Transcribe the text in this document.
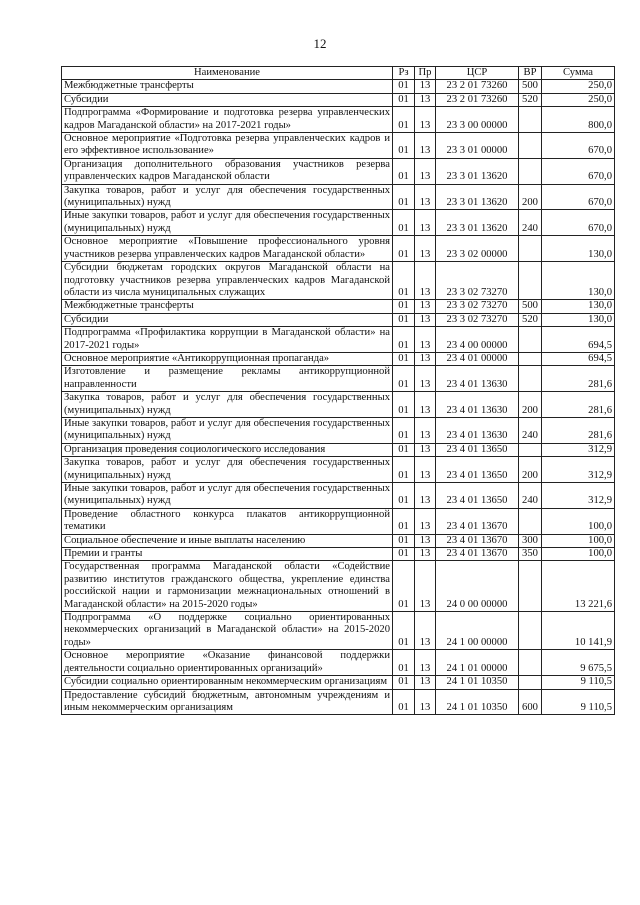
12
Наименование	Рз	Пр	ЦСР	ВР	Сумма
Межбюджетные трансферты	01	13	23 2 01 73260	500	250,0
Субсидии	01	13	23 2 01 73260	520	250,0
Подпрограмма «Формирование и подготовка резерва управленческих кадров Магаданской области» на 2017-2021 годы»	01	13	23 3 00 00000		800,0
Основное мероприятие «Подготовка резерва управленческих кадров и его эффективное использование»	01	13	23 3 01 00000		670,0
Организация дополнительного образования участников резерва управленческих кадров Магаданской области	01	13	23 3 01 13620		670,0
Закупка товаров, работ и услуг для обеспечения государственных (муниципальных) нужд	01	13	23 3 01 13620	200	670,0
Иные закупки товаров, работ и услуг для обеспечения государственных (муниципальных) нужд	01	13	23 3 01 13620	240	670,0
Основное мероприятие «Повышение профессионального уровня участников резерва управленческих кадров Магаданской области»	01	13	23 3 02 00000		130,0
Субсидии бюджетам городских округов Магаданской области на подготовку участников резерва управленческих кадров Магаданской области из числа муниципальных служащих	01	13	23 3 02 73270		130,0
Межбюджетные трансферты	01	13	23 3 02 73270	500	130,0
Субсидии	01	13	23 3 02 73270	520	130,0
Подпрограмма «Профилактика коррупции в Магаданской области» на 2017-2021 годы»	01	13	23 4 00 00000		694,5
Основное мероприятие «Антикоррупционная пропаганда»	01	13	23 4 01 00000		694,5
Изготовление и размещение рекламы антикоррупционной направленности	01	13	23 4 01 13630		281,6
Закупка товаров, работ и услуг для обеспечения государственных (муниципальных) нужд	01	13	23 4 01 13630	200	281,6
Иные закупки товаров, работ и услуг для обеспечения государственных (муниципальных) нужд	01	13	23 4 01 13630	240	281,6
Организация проведения социологического исследования	01	13	23 4 01 13650		312,9
Закупка товаров, работ и услуг для обеспечения государственных (муниципальных) нужд	01	13	23 4 01 13650	200	312,9
Иные закупки товаров, работ и услуг для обеспечения государственных (муниципальных) нужд	01	13	23 4 01 13650	240	312,9
Проведение областного конкурса плакатов антикоррупционной тематики	01	13	23 4 01 13670		100,0
Социальное обеспечение и иные выплаты населению	01	13	23 4 01 13670	300	100,0
Премии и гранты	01	13	23 4 01 13670	350	100,0
Государственная программа Магаданской области «Содействие развитию институтов гражданского общества, укрепление единства российской нации и гармонизации межнациональных отношений в Магаданской области» на 2015-2020 годы»	01	13	24 0 00 00000		13 221,6
Подпрограмма «О поддержке социально ориентированных некоммерческих организаций в Магаданской области» на 2015-2020 годы»	01	13	24 1 00 00000		10 141,9
Основное мероприятие «Оказание финансовой поддержки деятельности социально ориентированных организаций»	01	13	24 1 01 00000		9 675,5
Субсидии социально ориентированным некоммерческим организациям	01	13	24 1 01 10350		9 110,5
Предоставление субсидий бюджетным, автономным учреждениям и иным некоммерческим организациям	01	13	24 1 01 10350	600	9 110,5
